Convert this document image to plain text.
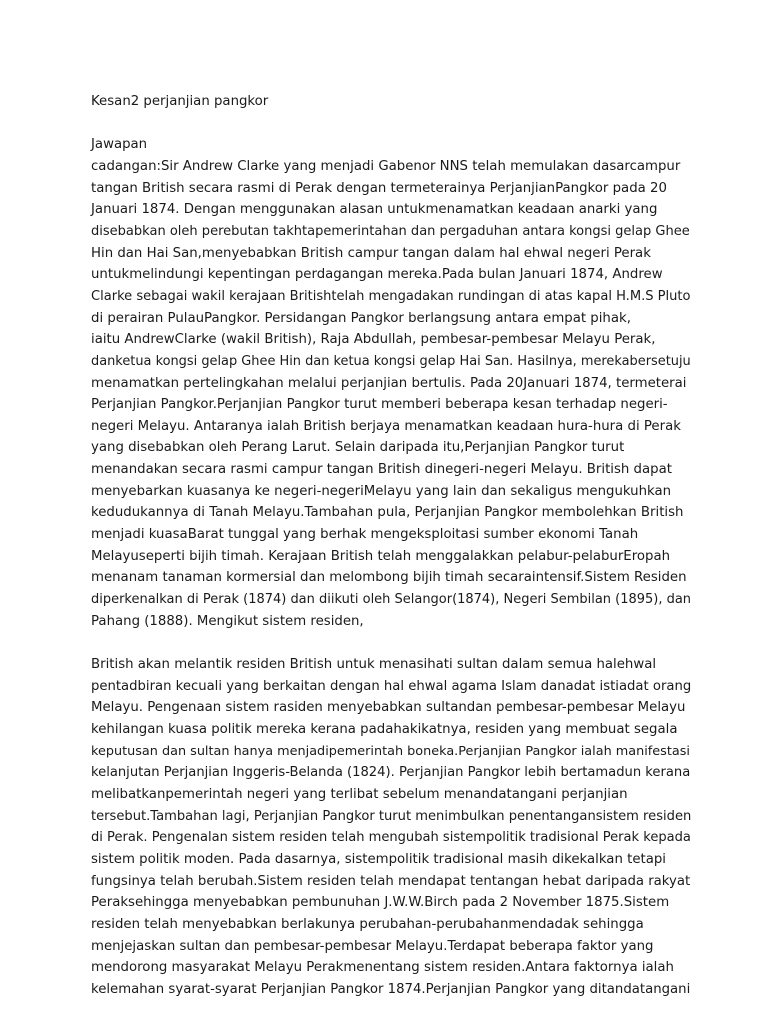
Kesan2 perjanjian pangkor

Jawapan

cadangan:Sir Andrew Clarke yang menjadi Gabenor NNS telah memulakan dasarcampur
tangan British secara rasmi di Perak dengan termeterainya PerjanjianPangkor pada 20
Januari 1874. Dengan menggunakan alasan untukmenamatkan keadaan anarki yang
disebabkan oleh perebutan takhtapemerintahan dan pergaduhan antara kongsi gelap Ghee
Hin dan Hai San,menyebabkan British campur tangan dalam hal ehwal negeri Perak
untukmelindungi kepentingan perdagangan mereka.Pada bulan Januari 1874, Andrew
Clarke sebagai wakil kerajaan Britishtelah mengadakan rundingan di atas kapal H.M.S Pluto
di perairan PulauPangkor. Persidangan Pangkor berlangsung antara empat pihak,
iaitu AndrewClarke (wakil British), Raja Abdullah, pembesar-pembesar Melayu Perak,
danketua kongsi gelap Ghee Hin dan ketua kongsi gelap Hai San. Hasilnya, merekabersetuju
menamatkan pertelingkahan melalui perjanjian bertulis. Pada 20Januari 1874, termeterai
Perjanjian Pangkor.Perjanjian Pangkor turut memberi beberapa kesan terhadap negeri-
negeri Melayu. Antaranya ialah British berjaya menamatkan keadaan hura-hura di Perak
yang disebabkan oleh Perang Larut. Selain daripada itu,Perjanjian Pangkor turut
menandakan secara rasmi campur tangan British dinegeri-negeri Melayu. British dapat
menyebarkan kuasanya ke negeri-negeriMelayu yang lain dan sekaligus mengukuhkan
kedudukannya di Tanah Melayu.Tambahan pula, Perjanjian Pangkor membolehkan British
menjadi kuasaBarat tunggal yang berhak mengeksploitasi sumber ekonomi Tanah
Melayuseperti bijih timah. Kerajaan British telah menggalakkan pelabur-pelaburEropah
menanam tanaman kormersial dan melombong bijih timah secaraintensif.Sistem Residen
diperkenalkan di Perak (1874) dan diikuti oleh Selangor(1874), Negeri Sembilan (1895), dan
Pahang (1888). Mengikut sistem residen,
British akan melantik residen British untuk menasihati sultan dalam semua halehwal
pentadbiran kecuali yang berkaitan dengan hal ehwal agama Islam danadat istiadat orang
Melayu. Pengenaan sistem rasiden menyebabkan sultandan pembesar-pembesar Melayu
kehilangan kuasa politik mereka kerana padahakikatnya, residen yang membuat segala
keputusan dan sultan hanya menjadipemerintah boneka.Perjanjian Pangkor ialah manifestasi
kelanjutan Perjanjian Inggeris-Belanda (1824). Perjanjian Pangkor lebih bertamadun kerana
melibatkanpemerintah negeri yang terlibat sebelum menandatangani perjanjian
tersebut.Tambahan lagi, Perjanjian Pangkor turut menimbulkan penentangansistem residen
di Perak. Pengenalan sistem residen telah mengubah sistempolitik tradisional Perak kepada
sistem politik moden. Pada dasarnya, sistempolitik tradisional masih dikekalkan tetapi
fungsinya telah berubah.Sistem residen telah mendapat tentangan hebat daripada rakyat
Peraksehingga menyebabkan pembunuhan J.W.W.Birch pada 2 November 1875.Sistem
residen telah menyebabkan berlakunya perubahan-perubahanmendadak sehingga
menjejaskan sultan dan pembesar-pembesar Melayu.Terdapat beberapa faktor yang
mendorong masyarakat Melayu Perakmenentang sistem residen.Antara faktornya ialah
kelemahan syarat-syarat Perjanjian Pangkor 1874.Perjanjian Pangkor yang ditandatangani
